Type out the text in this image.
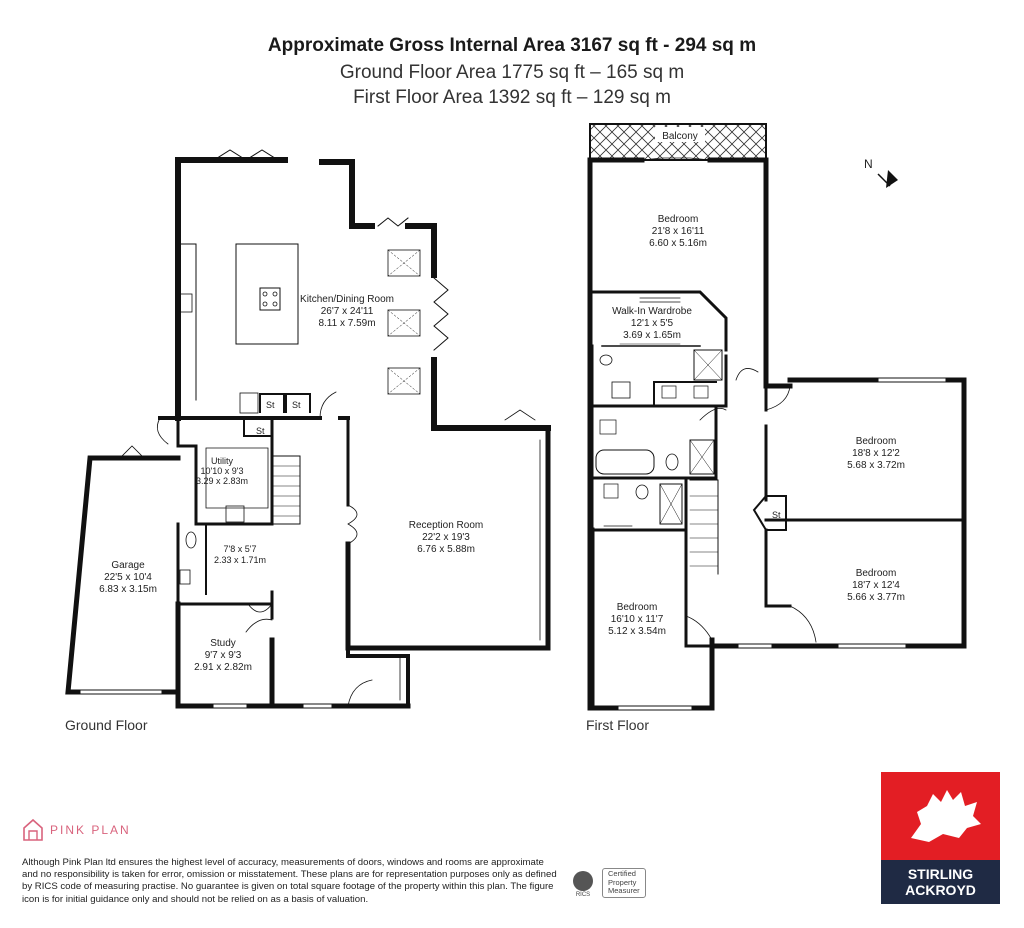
Approximate Gross Internal Area 3167 sq ft - 294 sq m
Ground Floor Area 1775 sq ft – 165 sq m
First Floor Area 1392 sq ft – 129 sq m
N
Kitchen/Dining Room
26'7 x 24'11
8.11 x 7.59m
Utility
10'10 x 9'3
3.29 x 2.83m
Reception Room
22'2 x 19'3
6.76 x 5.88m
Garage
22'5 x 10'4
6.83 x 3.15m
7'8 x 5'7
2.33 x 1.71m
Study
9'7 x 9'3
2.91 x 2.82m
St St
St
Balcony
Bedroom
21'8 x 16'11
6.60 x 5.16m
Walk-In Wardrobe
12'1 x 5'5
3.69 x 1.65m
Bedroom
18'8 x 12'2
5.68 x 3.72m
Bedroom
18'7 x 12'4
5.66 x 3.77m
Bedroom
16'10 x 11'7
5.12 x 3.54m
St
Ground Floor	First Floor
PINK PLAN
Although Pink Plan ltd ensures the highest level of accuracy, measurements of doors, windows and rooms are approximate and no responsibility is taken for error, omission or misstatement. These plans are for representation purposes only as defined by RICS code of measuring practise. No guarantee is given on total square footage of the property within this plan. The figure icon is for initial guidance only and should not be relied on as a basis of valuation.	RICS
Certified
Property
Measurer
STIRLING
ACKROYD
